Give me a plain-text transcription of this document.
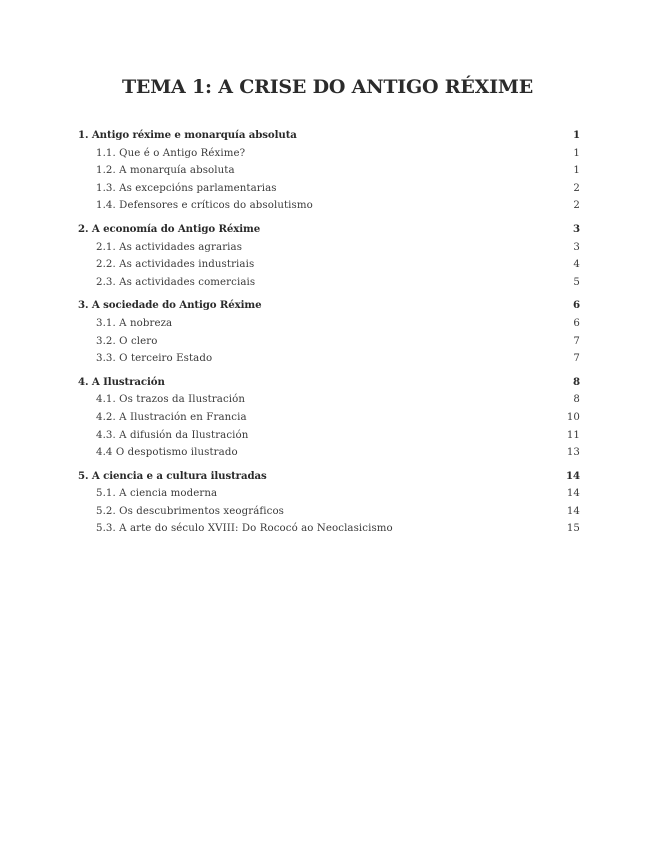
TEMA 1: A CRISE DO ANTIGO RÉXIME
1. Antigo réxime e monarquía absoluta	1
1.1. Que é o Antigo Réxime?	1
1.2. A monarquía absoluta	1
1.3. As excepcións parlamentarias	2
1.4. Defensores e críticos do absolutismo	2
2. A economía do Antigo Réxime	3
2.1. As actividades agrarias	3
2.2. As actividades industriais	4
2.3. As actividades comerciais	5
3. A sociedade do Antigo Réxime	6
3.1. A nobreza	6
3.2. O clero	7
3.3. O terceiro Estado	7
4. A Ilustración	8
4.1. Os trazos da Ilustración	8
4.2. A Ilustración en Francia	10
4.3. A difusión da Ilustración	11
4.4 O despotismo ilustrado	13
5. A ciencia e a cultura ilustradas	14
5.1. A ciencia moderna	14
5.2. Os descubrimentos xeográficos	14
5.3. A arte do século XVIII: Do Rococó ao Neoclasicismo	15
